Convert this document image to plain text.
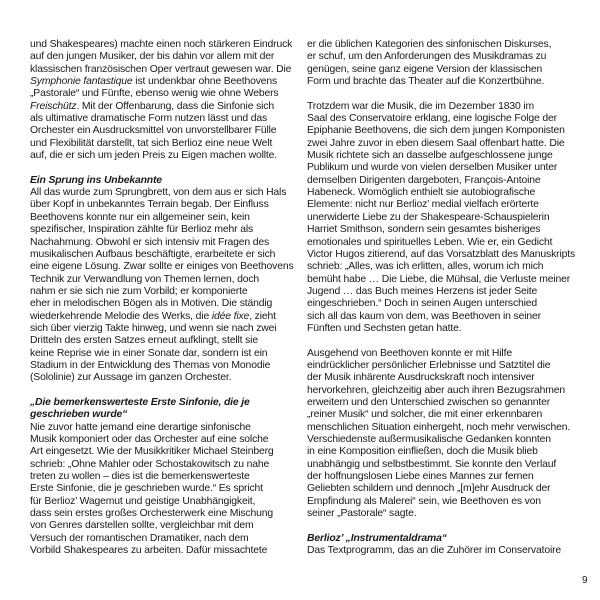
und Shakespeares) machte einen noch stärkeren Eindruck
auf den jungen Musiker, der bis dahin vor allem mit der
klassischen französischen Oper vertraut gewesen war. Die
Symphonie fantastique ist undenkbar ohne Beethovens
„Pastorale“ und Fünfte, ebenso wenig wie ohne Webers
Freischütz. Mit der Offenbarung, dass die Sinfonie sich
als ultimative dramatische Form nutzen lässt und das
Orchester ein Ausdrucksmittel von unvorstellbarer Fülle
und Flexibilität darstellt, tat sich Berlioz eine neue Welt
auf, die er sich um jeden Preis zu Eigen machen wollte.
Ein Sprung ins Unbekannte
All das wurde zum Sprungbrett, von dem aus er sich Hals
über Kopf in unbekanntes Terrain begab. Der Einfluss
Beethovens konnte nur ein allgemeiner sein, kein
spezifischer, Inspiration zählte für Berlioz mehr als
Nachahmung. Obwohl er sich intensiv mit Fragen des
musikalischen Aufbaus beschäftigte, erarbeitete er sich
eine eigene Lösung. Zwar sollte er einiges von Beethovens
Technik zur Verwandlung von Themen lernen, doch
nahm er sie sich nie zum Vorbild; er komponierte
eher in melodischen Bögen als in Motiven. Die ständig
wiederkehrende Melodie des Werks, die idée fixe, zieht
sich über vierzig Takte hinweg, und wenn sie nach zwei
Dritteln des ersten Satzes erneut aufklingt, stellt sie
keine Reprise wie in einer Sonate dar, sondern ist ein
Stadium in der Entwicklung des Themas von Monodie
(Sololinie) zur Aussage im ganzen Orchester.
„Die bemerkenswerteste Erste Sinfonie, die je
geschrieben wurde“
Nie zuvor hatte jemand eine derartige sinfonische
Musik komponiert oder das Orchester auf eine solche
Art eingesetzt. Wie der Musikkritiker Michael Steinberg
schrieb: „Ohne Mahler oder Schostakowitsch zu nahe
treten zu wollen – dies ist die bemerkenswerteste
Erste Sinfonie, die je geschrieben wurde.“ Es spricht
für Berlioz’ Wagemut und geistige Unabhängigkeit,
dass sein erstes großes Orchesterwerk eine Mischung
von Genres darstellen sollte, vergleichbar mit dem
Versuch der romantischen Dramatiker, nach dem
Vorbild Shakespeares zu arbeiten. Dafür missachtete
er die üblichen Kategorien des sinfonischen Diskurses,
er schuf, um den Anforderungen des Musikdramas zu
genügen, seine ganz eigene Version der klassischen
Form und brachte das Theater auf die Konzertbühne.
Trotzdem war die Musik, die im Dezember 1830 im
Saal des Conservatoire erklang, eine logische Folge der
Epiphanie Beethovens, die sich dem jungen Komponisten
zwei Jahre zuvor in eben diesem Saal offenbart hatte. Die
Musik richtete sich an dasselbe aufgeschlossene junge
Publikum und wurde von vielen derselben Musiker unter
demselben Dirigenten dargeboten, François-Antoine
Habeneck. Womöglich enthielt sie autobiografische
Elemente: nicht nur Berlioz’ medial vielfach erörterte
unerwiderte Liebe zu der Shakespeare-Schauspielerin
Harriet Smithson, sondern sein gesamtes bisheriges
emotionales und spirituelles Leben. Wie er, ein Gedicht
Victor Hugos zitierend, auf das Vorsatzblatt des Manuskripts
schrieb: „Alles, was ich erlitten, alles, worum ich mich
bemüht habe … Die Liebe, die Mühsal, die Verluste meiner
Jugend … das Buch meines Herzens ist jeder Seite
eingeschrieben.“ Doch in seinen Augen unterschied
sich all das kaum von dem, was Beethoven in seiner
Fünften und Sechsten getan hatte.
Ausgehend von Beethoven konnte er mit Hilfe
eindrücklicher persönlicher Erlebnisse und Satztitel die
der Musik inhärente Ausdruckskraft noch intensiver
hervorkehren, gleichzeitig aber auch ihren Bezugsrahmen
erweitern und den Unterschied zwischen so genannter
„reiner Musik“ und solcher, die mit einer erkennbaren
menschlichen Situation einhergeht, noch mehr verwischen.
Verschiedenste außermusikalische Gedanken konnten
in eine Komposition einfließen, doch die Musik blieb
unabhängig und selbstbestimmt. Sie konnte den Verlauf
der hoffnungslosen Liebe eines Mannes zur fernen
Geliebten schildern und dennoch „[m]ehr Ausdruck der
Empfindung als Malerei“ sein, wie Beethoven es von
seiner „Pastorale“ sagte.
Berlioz’ „Instrumentaldrama“
Das Textprogramm, das an die Zuhörer im Conservatoire
9
